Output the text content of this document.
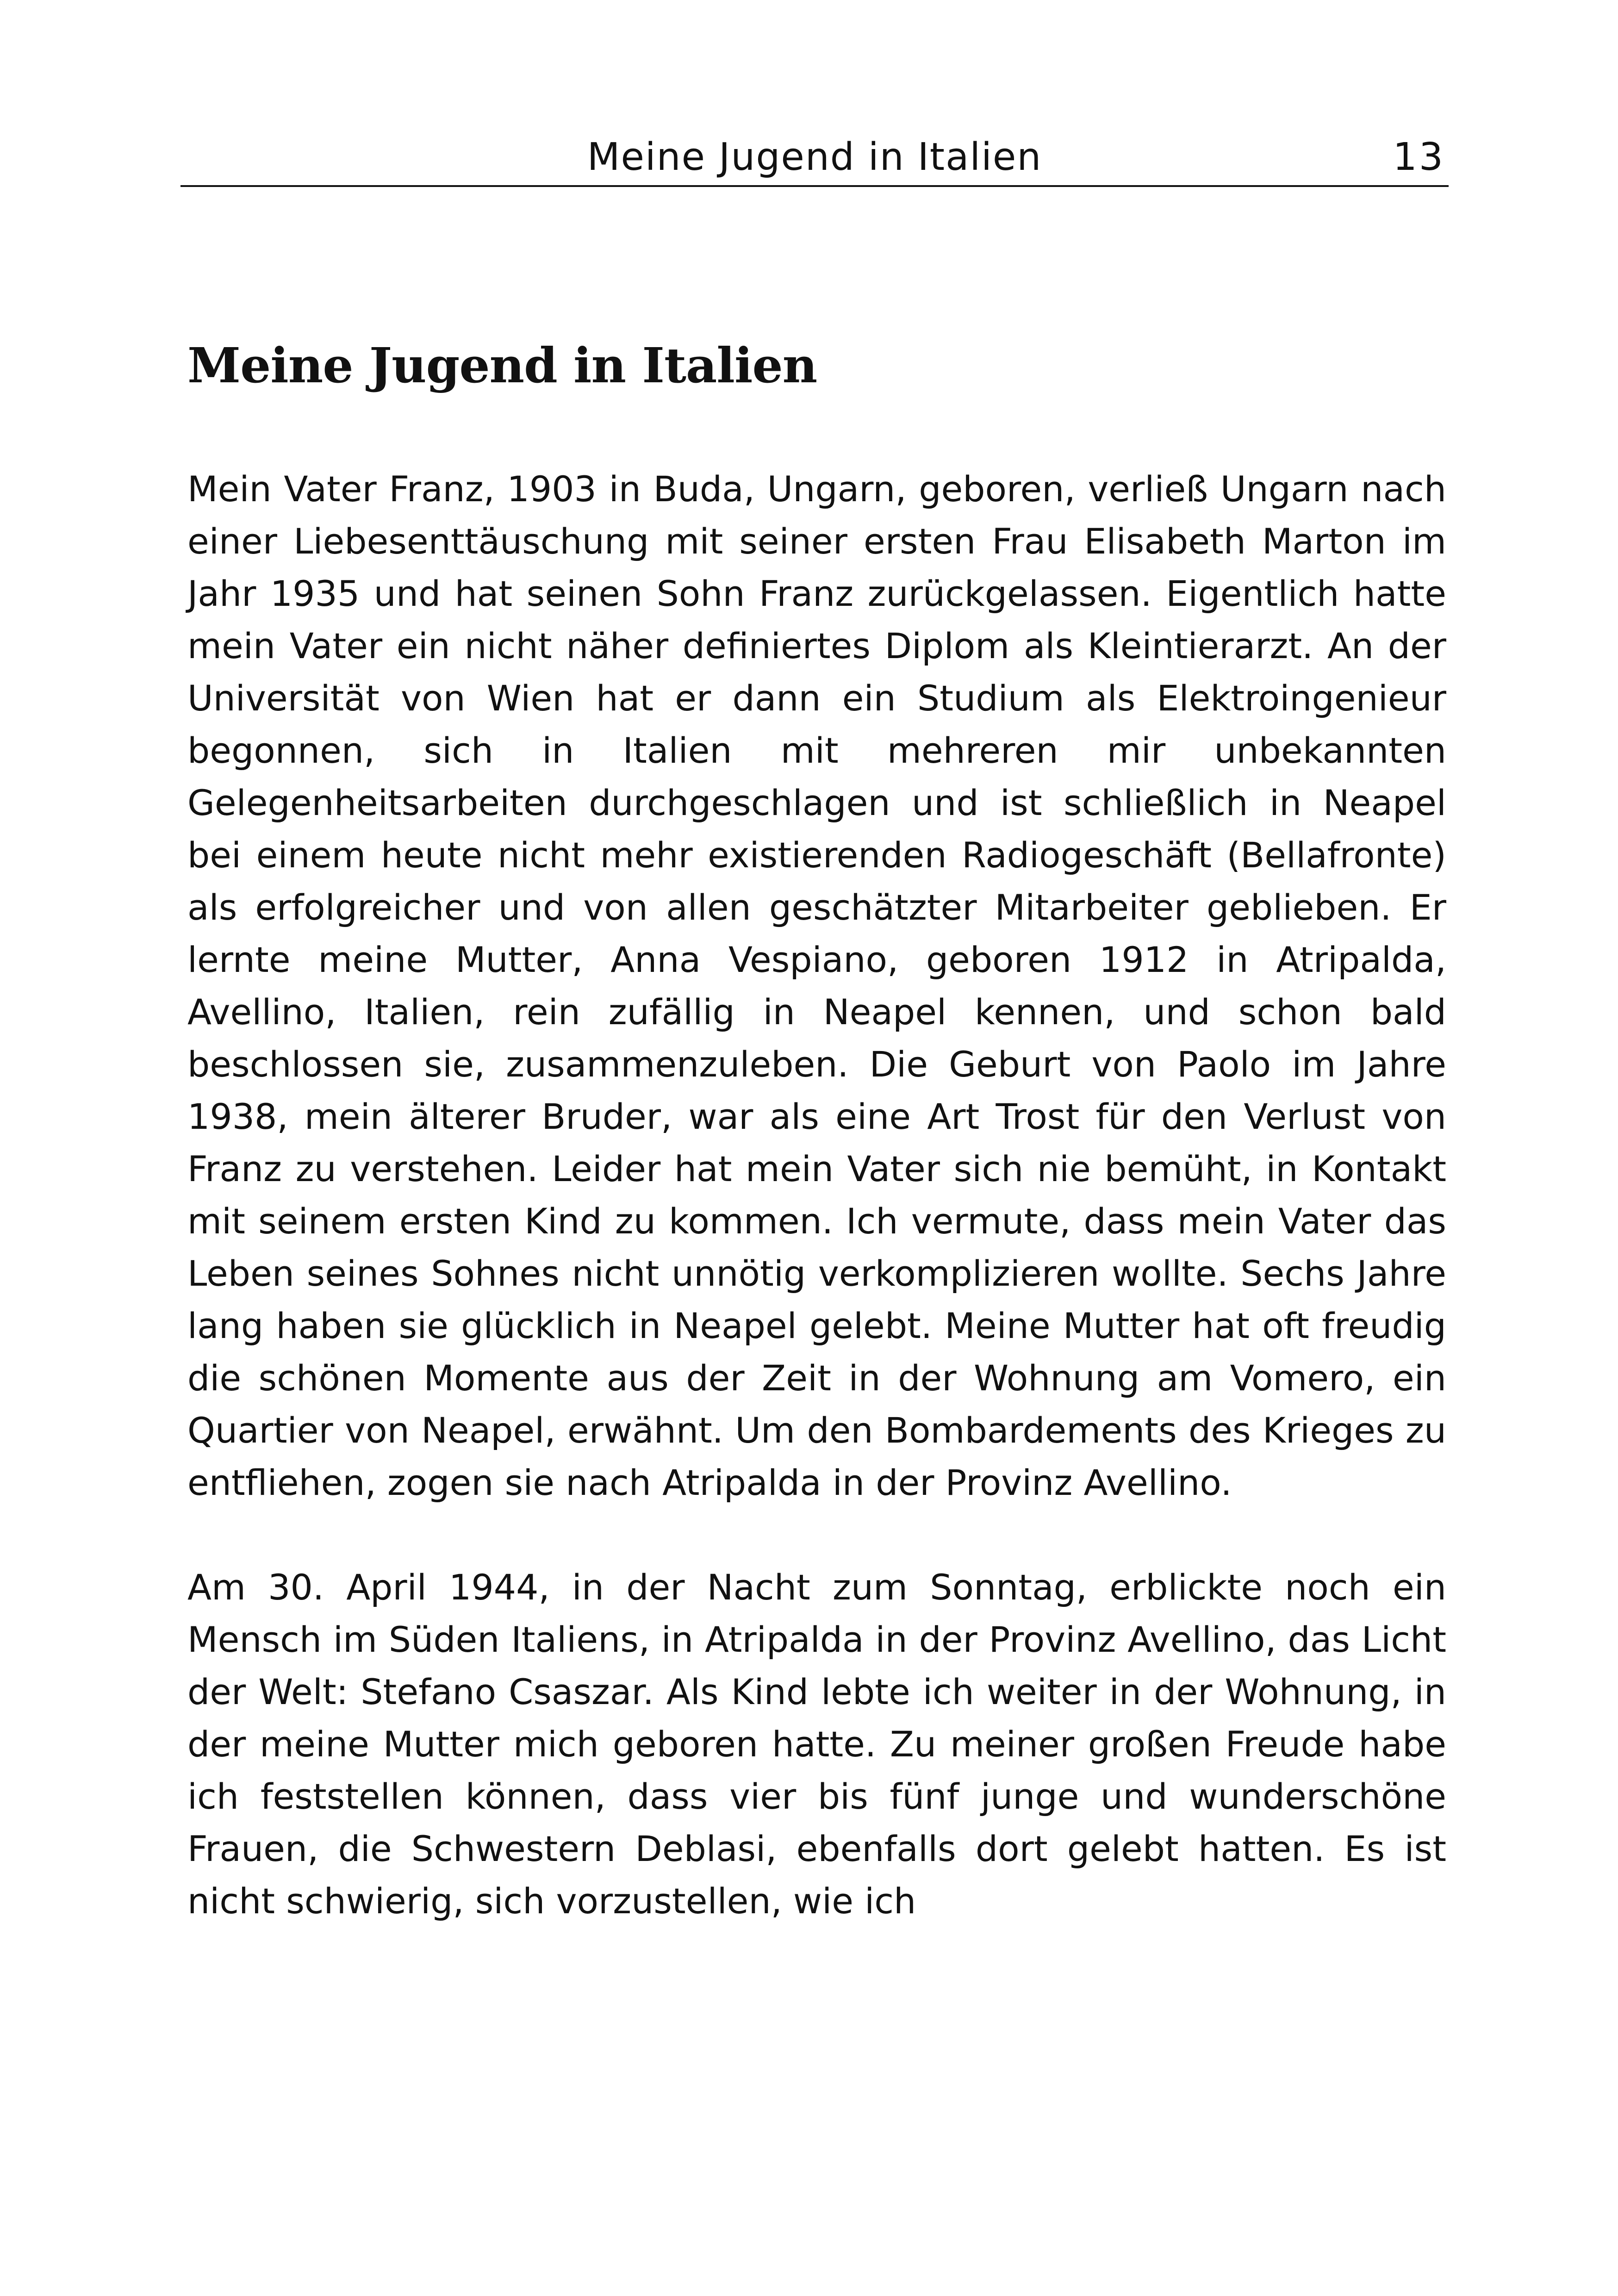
Meine Jugend in Italien	13
Meine Jugend in Italien

Mein Vater Franz, 1903 in Buda, Ungarn, geboren, verließ Ungarn nach einer Liebesenttäuschung mit seiner ersten Frau Elisabeth Marton im Jahr 1935 und hat seinen Sohn Franz zurückgelassen. Eigentlich hatte mein Vater ein nicht näher definiertes Diplom als Kleintierarzt. An der Universität von Wien hat er dann ein Studium als Elektroingenieur begonnen, sich in Italien mit mehreren mir unbekannten Gelegenheitsarbeiten durchgeschlagen und ist schließlich in Neapel bei einem heute nicht mehr existierenden Radiogeschäft (Bellafronte) als erfolgreicher und von allen geschätzter Mitarbeiter geblieben. Er lernte meine Mutter, Anna Vespiano, geboren 1912 in Atripalda, Avellino, Italien, rein zufällig in Neapel kennen, und schon bald beschlossen sie, zusammenzuleben. Die Geburt von Paolo im Jahre 1938, mein älterer Bruder, war als eine Art Trost für den Verlust von Franz zu verstehen. Leider hat mein Vater sich nie bemüht, in Kontakt mit seinem ersten Kind zu kommen. Ich vermute, dass mein Vater das Leben seines Sohnes nicht unnötig verkomplizieren wollte. Sechs Jahre lang haben sie glücklich in Neapel gelebt. Meine Mutter hat oft freudig die schönen Momente aus der Zeit in der Wohnung am Vomero, ein Quartier von Neapel, erwähnt. Um den Bombardements des Krieges zu entfliehen, zogen sie nach Atripalda in der Provinz Avellino.

Am 30. April 1944, in der Nacht zum Sonntag, erblickte noch ein Mensch im Süden Italiens, in Atripalda in der Provinz Avellino, das Licht der Welt: Stefano Csaszar. Als Kind lebte ich weiter in der Wohnung, in der meine Mutter mich geboren hatte. Zu meiner großen Freude habe ich feststellen können, dass vier bis fünf junge und wunderschöne Frauen, die Schwestern Deblasi, ebenfalls dort gelebt hatten. Es ist nicht schwierig, sich vorzustellen, wie ich
